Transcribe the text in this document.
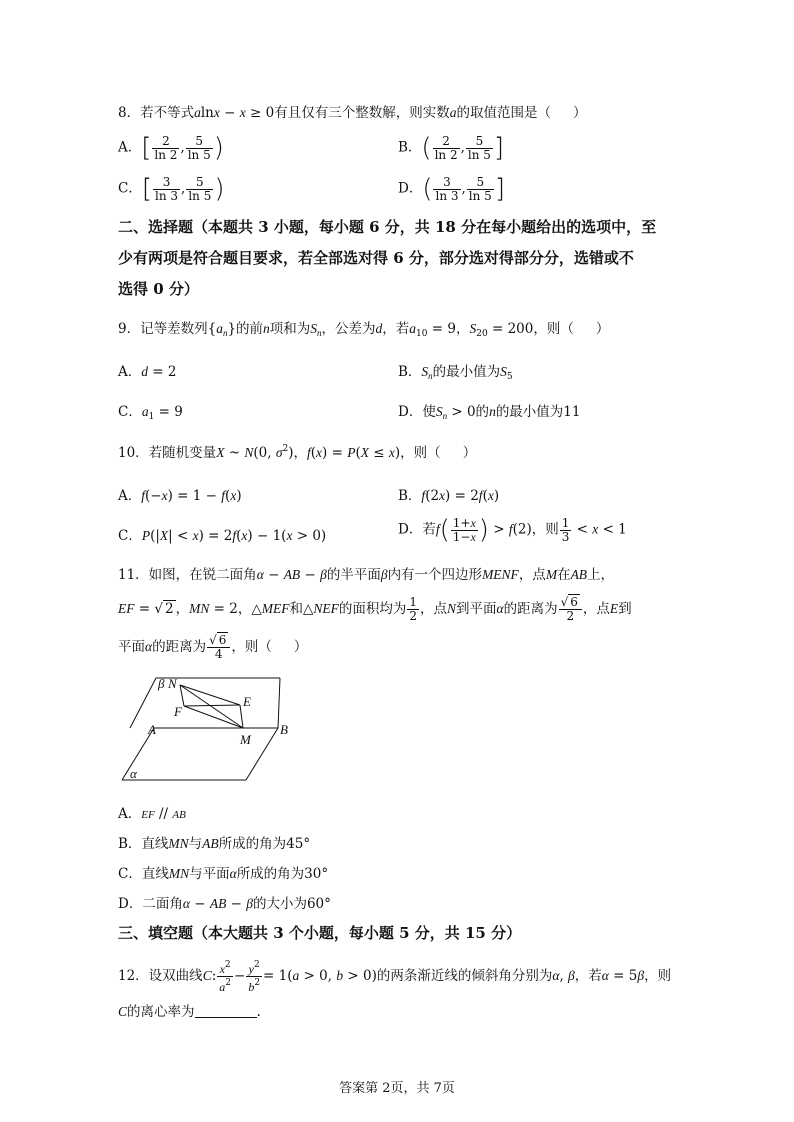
8．若不等式alnx − x ≥ 0有且仅有三个整数解，则实数a的取值范围是（ ）
A．[ $\frac{2}{\ln 2}$ , $\frac{5}{\ln 5}$ )	B．( $\frac{2}{\ln 2}$ , $\frac{5}{\ln 5}$ ]
C．[ $\frac{3}{\ln 3}$ , $\frac{5}{\ln 5}$ )	D．( $\frac{3}{\ln 3}$ , $\frac{5}{\ln 5}$ ]
二、选择题（本题共 3 小题，每小题 6 分，共 18 分在每小题给出的选项中，至
少有两项是符合题目要求，若全部选对得 6 分，部分选对得部分分，选错或不
选得 0 分）
9．记等差数列$\{a_n\}$的前n项和为$S_n$，公差为d，若$a_{10} = 9$，$S_{20} = 200$，则（ ）
A．d = 2	B．$S_n$的最小值为$S_5$
C．$a_1 = 9$	D．使$S_n > 0$的n的最小值为11
10．若随机变量X ~ N(0, $\sigma^2$)，f(x) = P(X ≤ x)，则（ ）
A．f(−x) = 1 − f(x)	B．f(2x) = 2f(x)
C．P(|X| < x) = 2f(x) − 1(x > 0)	D．若$f( \frac{1+x}{1-x}$ ) > f(2)，则 $\frac{1}{3} < x < 1$
11．如图，在锐二面角α − AB − β的半平面β内有一个四边形MENF，点M在AB上，
EF = √ 2 ，MN = 2，△MEF和△NEF的面积均为 $\frac{1}{2}$ ，点N到平面α的距离为 $\frac{√ 6}{2}$ ，点E到
平面α的距离为 $\frac{√ 6}{4}$ ，则（ ）
β N
E
F
A
M
B
α
A．EF // AB
B．直线MN与AB所成的角为45°
C．直线MN与平面α所成的角为30°
D．二面角α − AB − β的大小为60°
三、填空题（本大题共 3 个小题，每小题 5 分，共 15 分）
12．设双曲线C: $\frac{x^2}{a^2} - \frac{y^2}{b^2} = 1(a > 0$, b > 0)的两条渐近线的倾斜角分别为α, β，若α = 5β，则
C的离心率为	.
答案第 2页，共 7页
